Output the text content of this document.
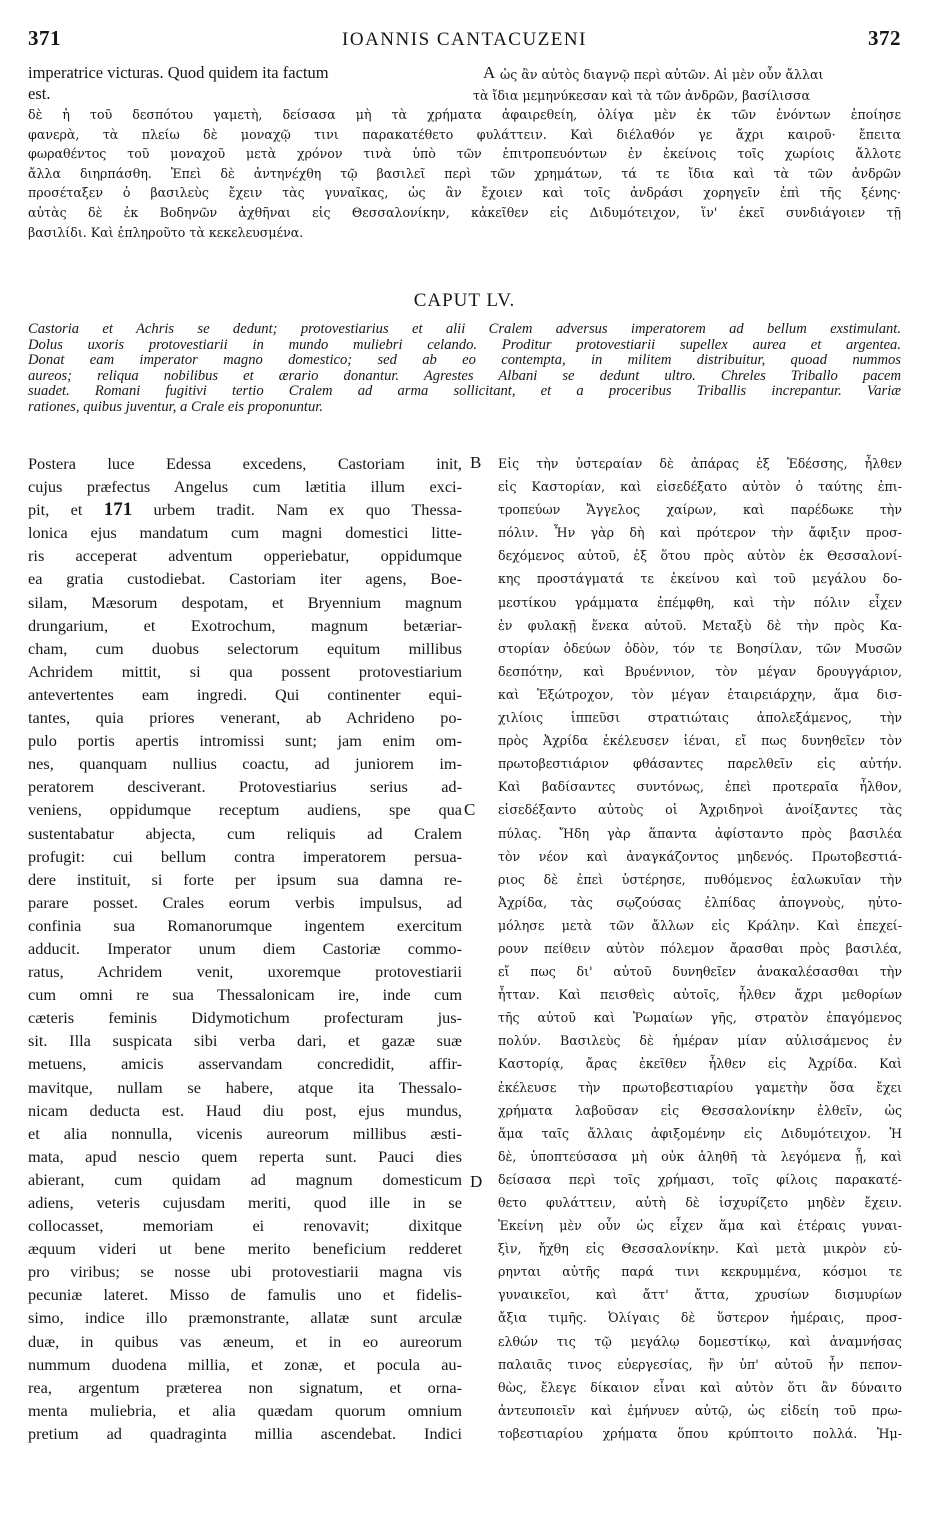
371	IOANNIS CANTACUZENI	372
imperatrice victuras. Quod quidem ita factum	A ὡς ἂν αὐτὸς διαγνῷ περὶ αὐτῶν. Αἱ μὲν οὖν ἄλλαι
est.	τὰ ἴδια μεμηνύκεσαν καὶ τὰ τῶν ἀνδρῶν, βασίλισσα
δὲ ἡ τοῦ δεσπότου γαμετὴ, δείσασα μὴ τὰ χρήματα ἀφαιρεθείη, ὀλίγα μὲν ἐκ τῶν ἐνόντων ἐποίησε
φανερὰ, τὰ πλείω δὲ μοναχῷ τινι παρακατέθετο φυλάττειν. Καὶ διέλαθόν γε ἄχρι καιροῦ· ἔπειτα
φωραθέντος τοῦ μοναχοῦ μετὰ χρόνον τινὰ ὑπὸ τῶν ἐπιτροπευόντων ἐν ἐκείνοις τοῖς χωρίοις ἄλλοτε
ἄλλα διηρπάσθη. Ἐπεὶ δὲ ἀντηνέχθη τῷ βασιλεῖ περὶ τῶν χρημάτων, τά τε ἴδια καὶ τὰ τῶν ἀνδρῶν
προσέταξεν ὁ βασιλεὺς ἔχειν τὰς γυναῖκας, ὡς ἂν ἔχοιεν καὶ τοῖς ἀνδράσι χορηγεῖν ἐπὶ τῆς ξένης·
αὐτὰς δὲ ἐκ Βοδηνῶν ἀχθῆναι εἰς Θεσσαλονίκην, κἀκεῖθεν εἰς Διδυμότειχον, ἵν' ἐκεῖ συνδιάγοιεν τῇ
βασιλίδι. Καὶ ἐπληροῦτο τὰ κεκελευσμένα.
CAPUT LV.
Castoria et Achris se dedunt; protovestiarius et alii Cralem adversus imperatorem ad bellum exstimulant.
Dolus uxoris protovestiarii in mundo muliebri celando. Proditur protovestiarii supellex aurea et argentea.
Donat eam imperator magno domestico; sed ab eo contempta, in militem distribuitur, quoad nummos
aureos; reliqua nobilibus et ærario donantur. Agrestes Albani se dedunt ultro. Chreles Triballo pacem
suadet. Romani fugitivi tertio Cralem ad arma sollicitant, et a proceribus Triballis increpantur. Variæ
rationes, quibus juventur, a Crale eis proponuntur.
Postera luce Edessa excedens, Castoriam init,
cujus præfectus Angelus cum lætitia illum exci-
pit, et 171 urbem tradit. Nam ex quo Thessa-
lonica ejus mandatum cum magni domestici litte-
ris acceperat adventum opperiebatur, oppidumque
ea gratia custodiebat. Castoriam iter agens, Boe-
silam, Mæsorum despotam, et Bryennium magnum
drungarium, et Exotrochum, magnum betæriar-
cham, cum duobus selectorum equitum millibus
Achridem mittit, si qua possent protovestiarium
antevertentes eam ingredi. Qui continenter equi-
tantes, quia priores venerant, ab Achrideno po-
pulo portis apertis intromissi sunt; jam enim om-
nes, quanquam nullius coactu, ad juniorem im-
peratorem desciverant. Protovestiarius serius ad-
veniens, oppidumque receptum audiens, spe qua
sustentabatur abjecta, cum reliquis ad Cralem
profugit: cui bellum contra imperatorem persua-
dere instituit, si forte per ipsum sua damna re-
parare posset. Crales eorum verbis impulsus, ad
confinia sua Romanorumque ingentem exercitum
adducit. Imperator unum diem Castoriæ commo-
ratus, Achridem venit, uxoremque protovestiarii
cum omni re sua Thessalonicam ire, inde cum
cæteris feminis Didymotichum profecturam jus-
sit. Illa suspicata sibi verba dari, et gazæ suæ
metuens, amicis asservandam concredidit, affir-
mavitque, nullam se habere, atque ita Thessalo-
nicam deducta est. Haud diu post, ejus mundus,
et alia nonnulla, vicenis aureorum millibus æsti-
mata, apud nescio quem reperta sunt. Pauci dies
abierant, cum quidam ad magnum domesticum
adiens, veteris cujusdam meriti, quod ille in se
collocasset, memoriam ei renovavit; dixitque
æquum videri ut bene merito beneficium redderet
pro viribus; se nosse ubi protovestiarii magna vis
pecuniæ lateret. Misso de famulis uno et fidelis-
simo, indice illo præmonstrante, allatæ sunt arculæ
duæ, in quibus vas æneum, et in eo aureorum
nummum duodena millia, et zonæ, et pocula au-
rea, argentum præterea non signatum, et orna-
menta muliebria, et alia quædam quorum omnium
pretium ad quadraginta millia ascendebat. Indici
B
C
D
Εἰς τὴν ὑστεραίαν δὲ ἀπάρας ἐξ Ἐδέσσης, ἦλθεν
εἰς Καστορίαν, καὶ εἰσεδέξατο αὐτὸν ὁ ταύτης ἐπι-
τροπεύων Ἄγγελος χαίρων, καὶ παρέδωκε τὴν
πόλιν. Ἦν γὰρ δὴ καὶ πρότερον τὴν ἄφιξιν προσ-
δεχόμενος αὐτοῦ, ἐξ ὅτου πρὸς αὐτὸν ἐκ Θεσσαλονί-
κης προστάγματά τε ἐκείνου καὶ τοῦ μεγάλου δο-
μεστίκου γράμματα ἐπέμφθη, καὶ τὴν πόλιν εἶχεν
ἐν φυλακῇ ἕνεκα αὐτοῦ. Μεταξὺ δὲ τὴν πρὸς Κα-
στορίαν ὁδεύων ὁδὸν, τόν τε Βοησίλαν, τῶν Μυσῶν
δεσπότην, καὶ Βρυέννιον, τὸν μέγαν δρουγγάριον,
καὶ Ἐξώτροχον, τὸν μέγαν ἑταιρειάρχην, ἅμα δισ-
χιλίοις ἱππεῦσι στρατιώταις ἀπολεξάμενος, τὴν
πρὸς Ἀχρίδα ἐκέλευσεν ἰέναι, εἴ πως δυνηθεῖεν τὸν
πρωτοβεστιάριον φθάσαντες παρελθεῖν εἰς αὐτήν.
Καὶ βαδίσαντες συντόνως, ἐπεὶ προτεραῖα ἦλθον,
εἰσεδέξαντο αὐτοὺς οἱ Ἀχριδηνοὶ ἀνοίξαντες τὰς
πύλας. Ἤδη γὰρ ἅπαντα ἀφίσταντο πρὸς βασιλέα
τὸν νέον καὶ ἀναγκάζοντος μηδενός. Πρωτοβεστιά-
ριος δὲ ἐπεὶ ὑστέρησε, πυθόμενος ἑαλωκυῖαν τὴν
Ἀχρίδα, τὰς σῳζούσας ἐλπίδας ἀπογνοὺς, ηὐτο-
μόλησε μετὰ τῶν ἄλλων εἰς Κράλην. Καὶ ἐπεχεί-
ρουν πείθειν αὐτὸν πόλεμον ἄρασθαι πρὸς βασιλέα,
εἴ πως δι' αὐτοῦ δυνηθεῖεν ἀνακαλέσασθαι τὴν
ἧτταν. Καὶ πεισθεὶς αὐτοῖς, ἦλθεν ἄχρι μεθορίων
τῆς αὐτοῦ καὶ Ῥωμαίων γῆς, στρατὸν ἐπαγόμενος
πολύν. Βασιλεὺς δὲ ἡμέραν μίαν αὐλισάμενος ἐν
Καστορίᾳ, ἄρας ἐκεῖθεν ἦλθεν εἰς Ἀχρίδα. Καὶ
ἐκέλευσε τὴν πρωτοβεστιαρίου γαμετὴν ὅσα ἔχει
χρήματα λαβοῦσαν εἰς Θεσσαλονίκην ἐλθεῖν, ὡς
ἅμα ταῖς ἄλλαις ἀφιξομένην εἰς Διδυμότειχον. Ἡ
δὲ, ὑποπτεύσασα μὴ οὐκ ἀληθῆ τὰ λεγόμενα ᾖ, καὶ
δείσασα περὶ τοῖς χρήμασι, τοῖς φίλοις παρακατέ-
θετο φυλάττειν, αὐτὴ δὲ ἰσχυρίζετο μηδὲν ἔχειν.
Ἐκείνη μὲν οὖν ὡς εἶχεν ἅμα καὶ ἑτέραις γυναι-
ξὶν, ἤχθη εἰς Θεσσαλονίκην. Καὶ μετὰ μικρὸν εὑ-
ρηνται αὐτῆς παρά τινι κεκρυμμένα, κόσμοι τε
γυναικεῖοι, καὶ ἄττ' ἄττα, χρυσίων δισμυρίων
ἄξια τιμῆς. Ὀλίγαις δὲ ὕστερον ἡμέραις, προσ-
ελθών τις τῷ μεγάλῳ δομεστίκῳ, καὶ ἀναμνήσας
παλαιᾶς τινος εὐεργεσίας, ἣν ὑπ' αὐτοῦ ἦν πεπον-
θὼς, ἔλεγε δίκαιον εἶναι καὶ αὐτὸν ὅτι ἂν δύναιτο
ἀντευποιεῖν καὶ ἐμήνυεν αὐτῷ, ὡς εἰδείη τοῦ πρω-
τοβεστιαρίου χρήματα ὅπου κρύπτοιτο πολλά. Ἡμ-
